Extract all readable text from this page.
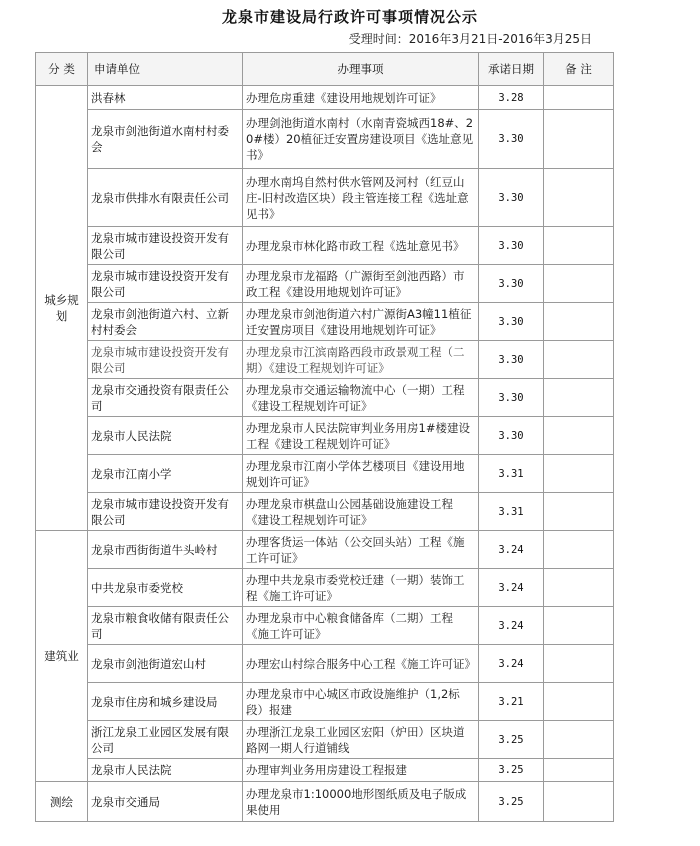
龙泉市建设局行政许可事项情况公示
受理时间：2016年3月21日-2016年3月25日
分 类	申请单位	办理事项	承诺日期	备 注
城乡规划	洪春林	办理危房重建《建设用地规划许可证》	3.28	
	龙泉市剑池街道水南村村委会	办理剑池街道水南村（水南青瓷城西18#、20#楼）20植征迁安置房建设项目《选址意见书》	3.30	
	龙泉市供排水有限责任公司	办理水南坞自然村供水管网及河村（红豆山庄-旧村改造区块）段主管连接工程《选址意见书》	3.30	
	龙泉市城市建设投资开发有限公司	办理龙泉市林化路市政工程《选址意见书》	3.30	
	龙泉市城市建设投资开发有限公司	办理龙泉市龙福路（广源街至剑池西路）市政工程《建设用地规划许可证》	3.30	
	龙泉市剑池街道六村、立新村村委会	办理龙泉市剑池街道六村广源街A3幢11植征迁安置房项目《建设用地规划许可证》	3.30	
	龙泉市城市建设投资开发有限公司	办理龙泉市江滨南路西段市政景观工程（二期）《建设工程规划许可证》	3.30	
	龙泉市交通投资有限责任公司	办理龙泉市交通运输物流中心（一期）工程《建设工程规划许可证》	3.30	
	龙泉市人民法院	办理龙泉市人民法院审判业务用房1#楼建设工程《建设工程规划许可证》	3.30	
	龙泉市江南小学	办理龙泉市江南小学体艺楼项目《建设用地规划许可证》	3.31	
	龙泉市城市建设投资开发有限公司	办理龙泉市棋盘山公园基础设施建设工程《建设工程规划许可证》	3.31	
建筑业	龙泉市西街街道牛头岭村	办理客货运一体站（公交回头站）工程《施工许可证》	3.24	
	中共龙泉市委党校	办理中共龙泉市委党校迁建（一期）装饰工程《施工许可证》	3.24	
	龙泉市粮食收储有限责任公司	办理龙泉市中心粮食储备库（二期）工程《施工许可证》	3.24	
	龙泉市剑池街道宏山村	办理宏山村综合服务中心工程《施工许可证》	3.24	
	龙泉市住房和城乡建设局	办理龙泉市中心城区市政设施维护（1,2标段）报建	3.21	
	浙江龙泉工业园区发展有限公司	办理浙江龙泉工业园区宏阳（炉田）区块道路网一期人行道铺线	3.25	
	龙泉市人民法院	办理审判业务用房建设工程报建	3.25	
测绘	龙泉市交通局	办理龙泉市1:10000地形图纸质及电子版成果使用	3.25	
